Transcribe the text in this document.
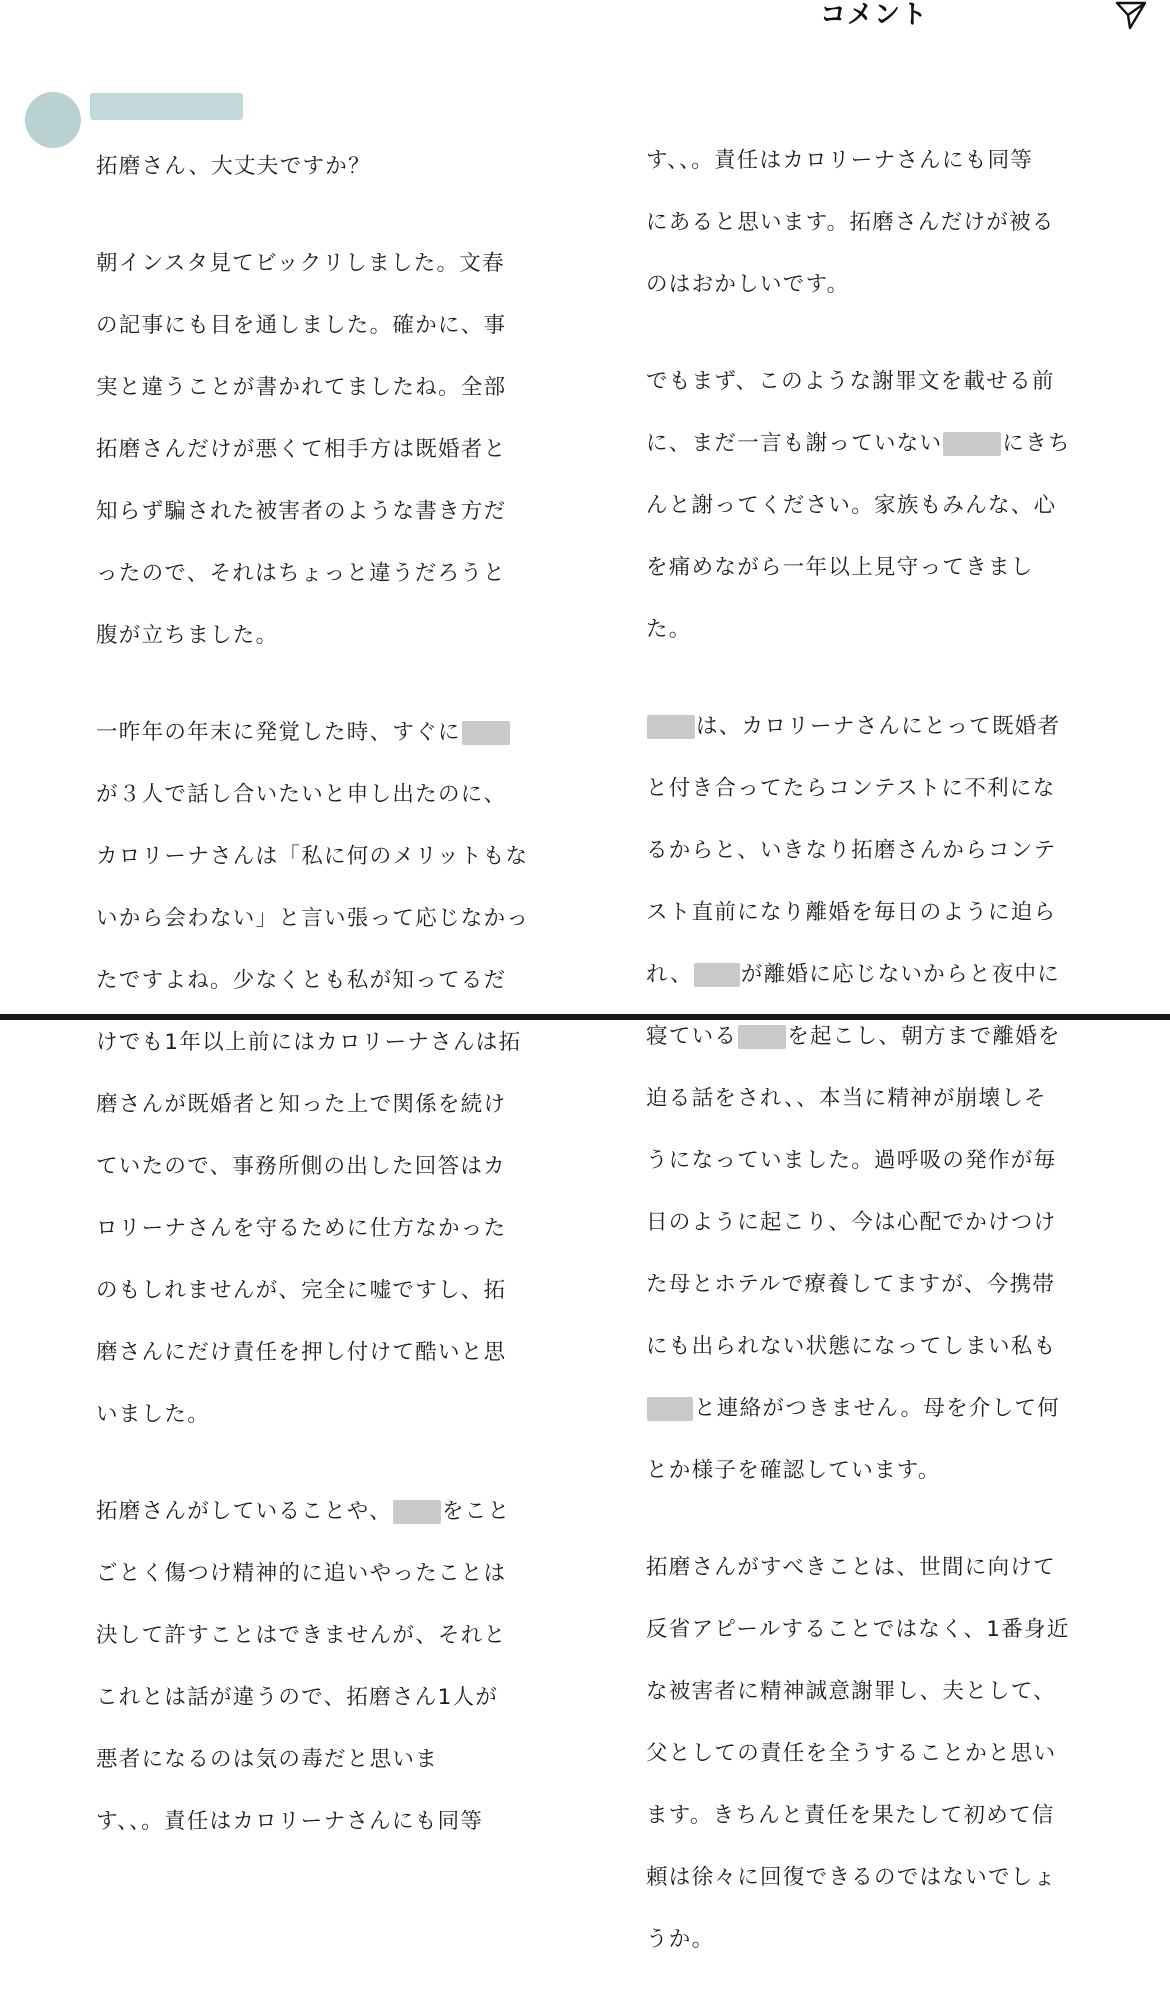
コメント

拓磨さん、大丈夫ですか？

朝インスタ見てビックリしました。文春

の記事にも目を通しました。確かに、事

実と違うことが書かれてましたね。全部

拓磨さんだけが悪くて相手方は既婚者と

知らず騙された被害者のような書き方だ

ったので、それはちょっと違うだろうと

腹が立ちました。

一昨年の年末に発覚した時、すぐに

が３人で話し合いたいと申し出たのに、

カロリーナさんは「私に何のメリットもな

いから会わない」と言い張って応じなかっ

たですよね。少なくとも私が知ってるだ

けでも1年以上前にはカロリーナさんは拓

磨さんが既婚者と知った上で関係を続け

ていたので、事務所側の出した回答はカ

ロリーナさんを守るために仕方なかった

のもしれませんが、完全に嘘ですし、拓

磨さんにだけ責任を押し付けて酷いと思

いました。

拓磨さんがしていることや、 をこと

ごとく傷つけ精神的に追いやったことは

決して許すことはできませんが、それと

これとは話が違うので、拓磨さん1人が

悪者になるのは気の毒だと思いま

す、、。責任はカロリーナさんにも同等

す、、。責任はカロリーナさんにも同等

にあると思います。拓磨さんだけが被る

のはおかしいです。

でもまず、このような謝罪文を載せる前

に、まだ一言も謝っていない	にきち

んと謝ってください。家族もみんな、心

を痛めながら一年以上見守ってきまし

た。

は、カロリーナさんにとって既婚者

と付き合ってたらコンテストに不利にな

るからと、いきなり拓磨さんからコンテ

スト直前になり離婚を毎日のように迫ら

れ、 が離婚に応じないからと夜中に

寝ている を起こし、朝方まで離婚を

迫る話をされ、、本当に精神が崩壊しそ

うになっていました。過呼吸の発作が毎

日のように起こり、今は心配でかけつけ

た母とホテルで療養してますが、今携帯

にも出られない状態になってしまい私も

と連絡がつきません。母を介して何

とか様子を確認しています。

拓磨さんがすべきことは、世間に向けて

反省アピールすることではなく、1番身近

な被害者に精神誠意謝罪し、夫として、

父としての責任を全うすることかと思い

ます。きちんと責任を果たして初めて信

頼は徐々に回復できるのではないでしょ

うか。
